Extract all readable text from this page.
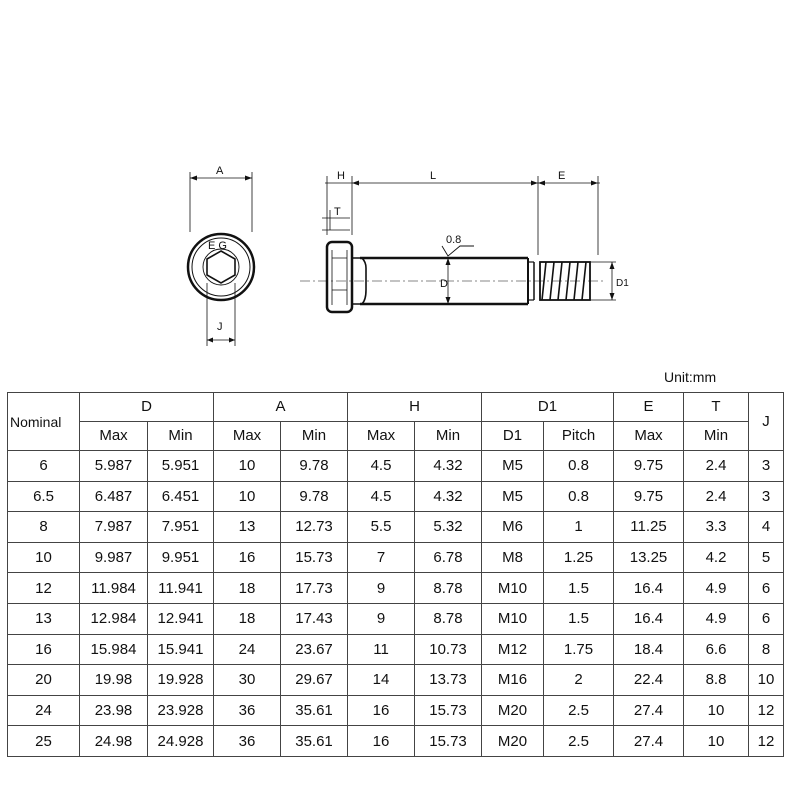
A
E G
J
H	L	E
T
0.8
D	D1
Unit:mm
Nominal	D		A		H		D1		E	T	J
	Max	Min	Max	Min	Max	Min	D1	Pitch	Max	Min	
6	5.987	5.951	10	9.78	4.5	4.32	M5	0.8	9.75	2.4	3
6.5	6.487	6.451	10	9.78	4.5	4.32	M5	0.8	9.75	2.4	3
8	7.987	7.951	13	12.73	5.5	5.32	M6	1	11.25	3.3	4
10	9.987	9.951	16	15.73	7	6.78	M8	1.25	13.25	4.2	5
12	11.984	11.941	18	17.73	9	8.78	M10	1.5	16.4	4.9	6
13	12.984	12.941	18	17.43	9	8.78	M10	1.5	16.4	4.9	6
16	15.984	15.941	24	23.67	11	10.73	M12	1.75	18.4	6.6	8
20	19.98	19.928	30	29.67	14	13.73	M16	2	22.4	8.8	10
24	23.98	23.928	36	35.61	16	15.73	M20	2.5	27.4	10	12
25	24.98	24.928	36	35.61	16	15.73	M20	2.5	27.4	10	12
